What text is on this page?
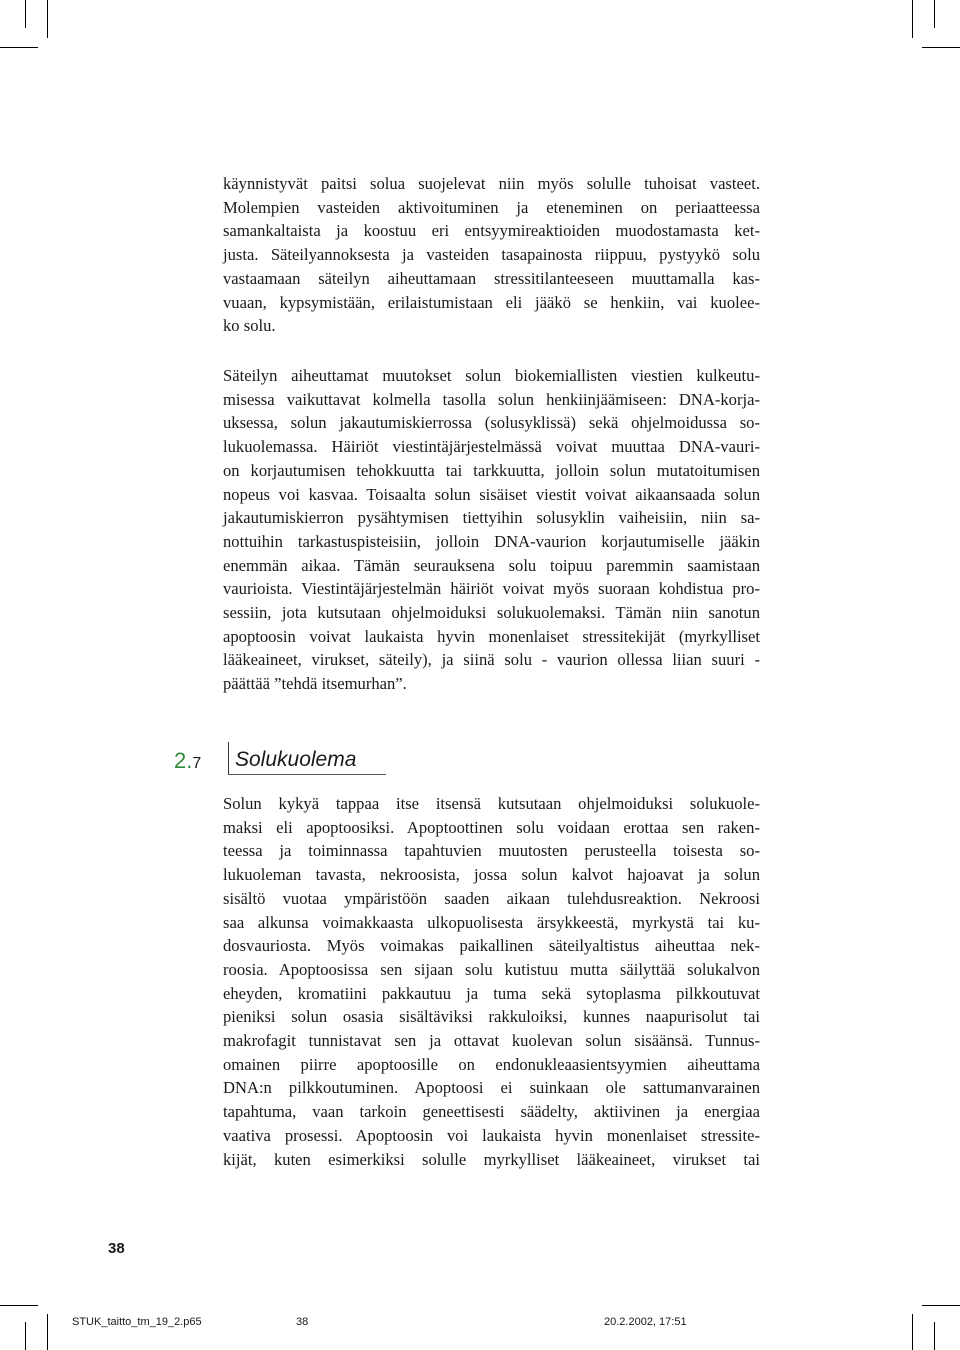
käynnistyvät paitsi solua suojelevat niin myös solulle tuhoisat vasteet.
Molempien vasteiden aktivoituminen ja eteneminen on periaatteessa
samankaltaista ja koostuu eri entsyymireaktioiden muodostamasta ket-
justa. Säteilyannoksesta ja vasteiden tasapainosta riippuu, pystyykö solu
vastaamaan säteilyn aiheuttamaan stressitilanteeseen muuttamalla kas-
vuaan, kypsymistään, erilaistumistaan eli jääkö se henkiin, vai kuolee-
ko solu.
Säteilyn aiheuttamat muutokset solun biokemiallisten viestien kulkeutu-
misessa vaikuttavat kolmella tasolla solun henkiinjäämiseen: DNA-korja-
uksessa, solun jakautumiskierrossa (solusyklissä) sekä ohjelmoidussa so-
lukuolemassa. Häiriöt viestintäjärjestelmässä voivat muuttaa DNA-vauri-
on korjautumisen tehokkuutta tai tarkkuutta, jolloin solun mutatoitumisen
nopeus voi kasvaa. Toisaalta solun sisäiset viestit voivat aikaansaada solun
jakautumiskierron pysähtymisen tiettyihin solusyklin vaiheisiin, niin sa-
nottuihin tarkastuspisteisiin, jolloin DNA-vaurion korjautumiselle jääkin
enemmän aikaa. Tämän seurauksena solu toipuu paremmin saamistaan
vaurioista. Viestintäjärjestelmän häiriöt voivat myös suoraan kohdistua pro-
sessiin, jota kutsutaan ohjelmoiduksi solukuolemaksi. Tämän niin sanotun
apoptoosin voivat laukaista hyvin monenlaiset stressitekijät (myrkylliset
lääkeaineet, virukset, säteily), ja siinä solu - vaurion ollessa liian suuri -
päättää ”tehdä itsemurhan”.
2.7 Solukuolema
Solun kykyä tappaa itse itsensä kutsutaan ohjelmoiduksi solukuole-
maksi eli apoptoosiksi. Apoptoottinen solu voidaan erottaa sen raken-
teessa ja toiminnassa tapahtuvien muutosten perusteella toisesta so-
lukuoleman tavasta, nekroosista, jossa solun kalvot hajoavat ja solun
sisältö vuotaa ympäristöön saaden aikaan tulehdusreaktion. Nekroosi
saa alkunsa voimakkaasta ulkopuolisesta ärsykkeestä, myrkystä tai ku-
dosvauriosta. Myös voimakas paikallinen säteilyaltistus aiheuttaa nek-
roosia. Apoptoosissa sen sijaan solu kutistuu mutta säilyttää solukalvon
eheyden, kromatiini pakkautuu ja tuma sekä sytoplasma pilkkoutuvat
pieniksi solun osasia sisältäviksi rakkuloiksi, kunnes naapurisolut tai
makrofagit tunnistavat sen ja ottavat kuolevan solun sisäänsä. Tunnus-
omainen piirre apoptoosille on endonukleaasientsyymien aiheuttama
DNA:n pilkkoutuminen. Apoptoosi ei suinkaan ole sattumanvarainen
tapahtuma, vaan tarkoin geneettisesti säädelty, aktiivinen ja energiaa
vaativa prosessi. Apoptoosin voi laukaista hyvin monenlaiset stressite-
kijät, kuten esimerkiksi solulle myrkylliset lääkeaineet, virukset tai
38
STUK_taitto_tm_19_2.p65	38	20.2.2002, 17:51
